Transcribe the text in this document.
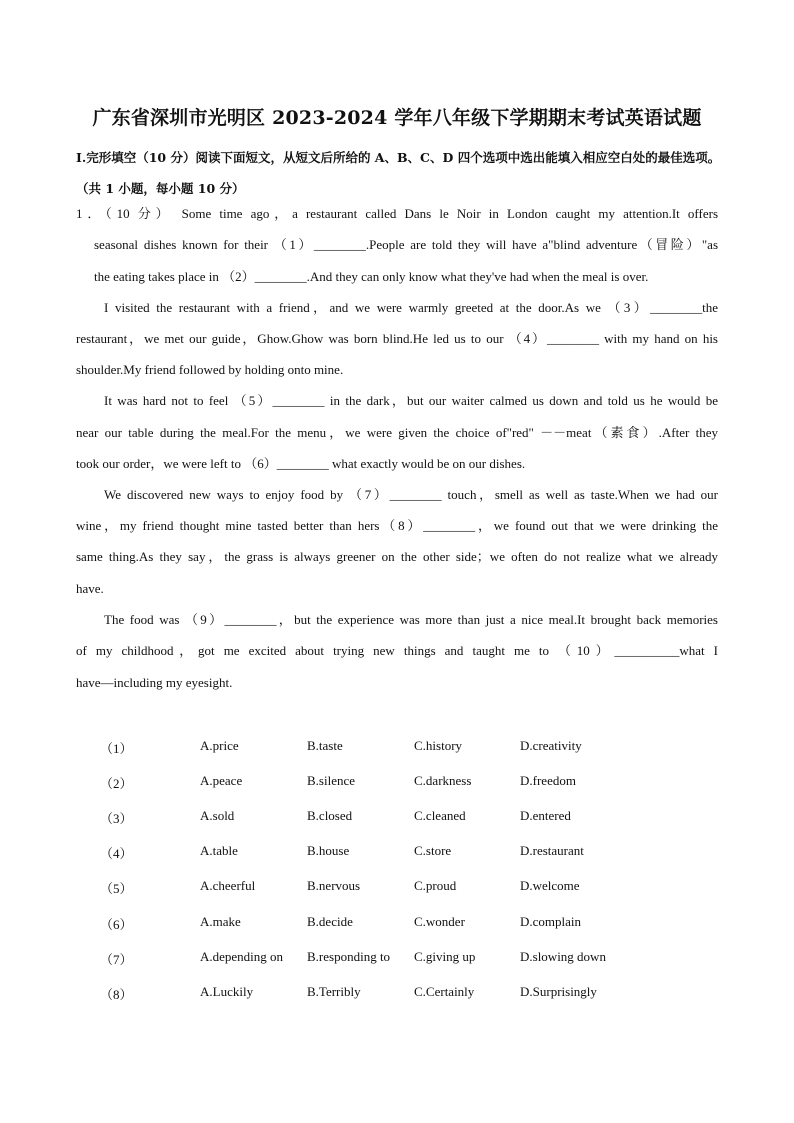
广东省深圳市光明区 2023-2024 学年八年级下学期期末考试英语试题
I.完形填空（10 分）阅读下面短文，从短文后所给的 A、B、C、D 四个选项中选出能填入相应空白处的最佳选项。（共 1 小题，每小题 10 分）
1．（10 分） Some time ago，a restaurant called Dans le Noir in London caught my attention.It offers
seasonal dishes known for their （1）________.People are told they will have a"blind adventure（冒险）"as
the eating takes place in （2）________.And they can only know what they've had when the meal is over.
I visited the restaurant with a friend，and we were warmly greeted at the door.As we （3）________the
restaurant，we met our guide，Ghow.Ghow was born blind.He led us to our （4）________ with my hand on his
shoulder.My friend followed by holding onto mine.
It was hard not to feel （5）________ in the dark，but our waiter calmed us down and told us he would be
near our table during the meal.For the menu，we were given the choice of"red" －－meat（素食）.After they
took our order，we were left to （6）________ what exactly would be on our dishes.
We discovered new ways to enjoy food by （7）________ touch，smell as well as taste.When we had our
wine，my friend thought mine tasted better than hers（8）________，we found out that we were drinking the
same thing.As they say，the grass is always greener on the other side；we often do not realize what we already
have.
The food was （9）________，but the experience was more than just a nice meal.It brought back memories
of my childhood，got me excited about trying new things and taught me to （10）__________what I
have—including my eyesight.
（1）	A.price	B.taste	C.history	D.creativity
（2）	A.peace	B.silence	C.darkness	D.freedom
（3）	A.sold	B.closed	C.cleaned	D.entered
（4）	A.table	B.house	C.store	D.restaurant
（5）	A.cheerful	B.nervous	C.proud	D.welcome
（6）	A.make	B.decide	C.wonder	D.complain
（7）	A.depending on B.responding to C.giving up	D.slowing down
（8）	A.Luckily	B.Terribly	C.Certainly	D.Surprisingly
